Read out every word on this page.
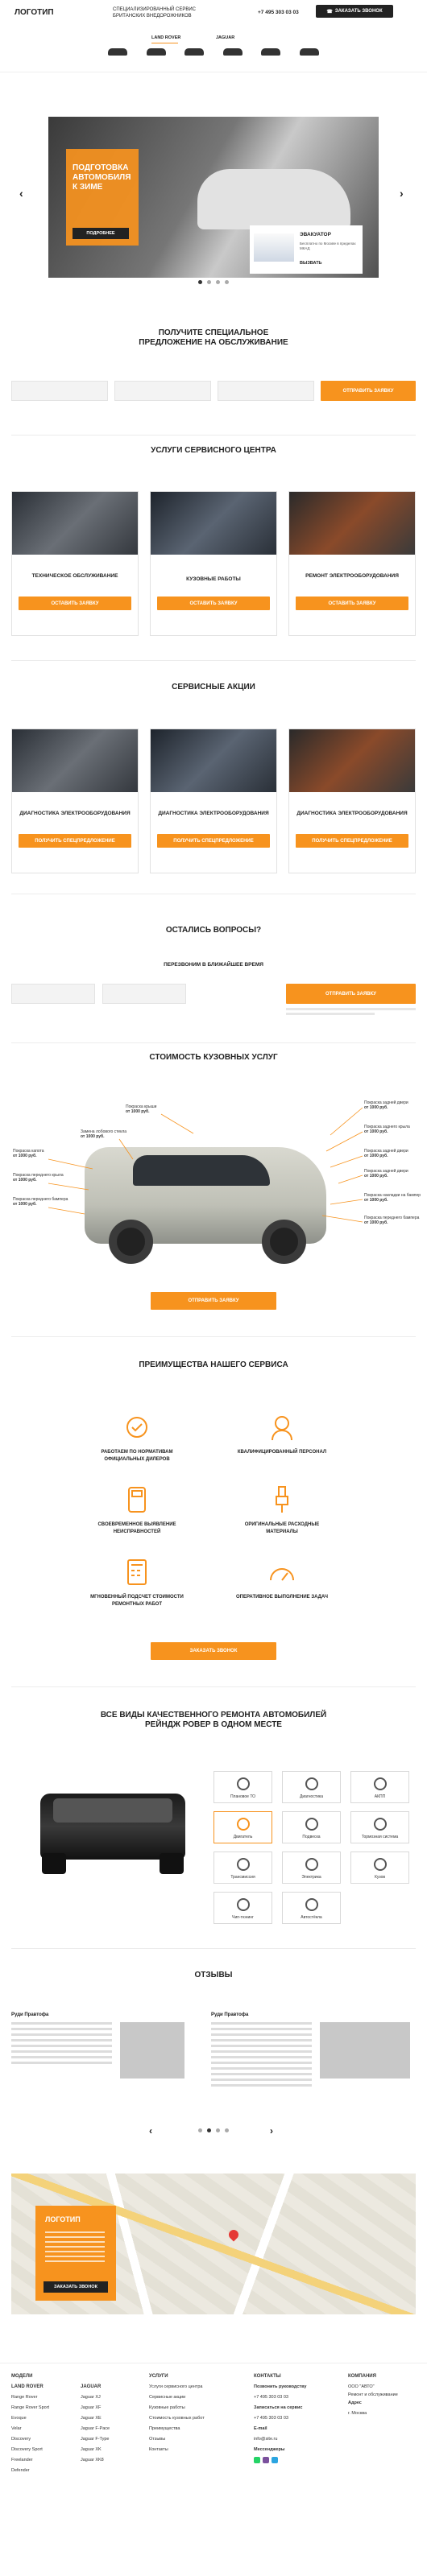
ЛОГОТИП	СПЕЦИАЛИЗИРОВАННЫЙ СЕРВИС БРИТАНСКИХ ВНЕДОРОЖНИКОВ
+7 495 303 03 03	☎ ЗАКАЗАТЬ ЗВОНОК
LAND ROVER	JAGUAR
‹	›
ПОДГОТОВКА АВТОМОБИЛЯ К ЗИМЕ
ПОДРОБНЕЕ	ЭВАКУАТОР
Бесплатно по Москве в пределах МКАД
ВЫЗВАТЬ
ПОЛУЧИТЕ СПЕЦИАЛЬНОЕ ПРЕДЛОЖЕНИЕ НА ОБСЛУЖИВАНИЕ
ОТПРАВИТЬ ЗАЯВКУ
УСЛУГИ СЕРВИСНОГО ЦЕНТРА
ТЕХНИЧЕСКОЕ ОБСЛУЖИВАНИЕ
ОСТАВИТЬ ЗАЯВКУ
КУЗОВНЫЕ РАБОТЫ
ОСТАВИТЬ ЗАЯВКУ
РЕМОНТ ЭЛЕКТРООБОРУДОВАНИЯ
ОСТАВИТЬ ЗАЯВКУ
СЕРВИСНЫЕ АКЦИИ
ДИАГНОСТИКА ЭЛЕКТРООБОРУДОВАНИЯ
ПОЛУЧИТЬ СПЕЦПРЕДЛОЖЕНИЕ
ДИАГНОСТИКА ЭЛЕКТРООБОРУДОВАНИЯ
ПОЛУЧИТЬ СПЕЦПРЕДЛОЖЕНИЕ
ДИАГНОСТИКА ЭЛЕКТРООБОРУДОВАНИЯ
ПОЛУЧИТЬ СПЕЦПРЕДЛОЖЕНИЕ
ОСТАЛИСЬ ВОПРОСЫ?
ПЕРЕЗВОНИМ В БЛИЖАЙШЕЕ ВРЕМЯ
ОТПРАВИТЬ ЗАЯВКУ
СТОИМОСТЬ КУЗОВНЫХ УСЛУГ
Замена лобового стекла
от 1000 руб.
Покраска крыши
от 1000 руб.
Покраска капота
от 1000 руб.
Покраска переднего крыла
от 1000 руб.
Покраска переднего бампера
от 1000 руб.
Покраска задней двери
от 1000 руб.
Покраска заднего крыла
от 1000 руб.
Покраска задней двери
от 1000 руб.
Покраска задней двери
от 1000 руб.
Покраска накладки на бампер
от 1000 руб.
Покраска переднего бампера
от 1000 руб.
ОТПРАВИТЬ ЗАЯВКУ
ПРЕИМУЩЕСТВА НАШЕГО СЕРВИСА
РАБОТАЕМ ПО НОРМАТИВАМ ОФИЦИАЛЬНЫХ ДИЛЕРОВ
КВАЛИФИЦИРОВАННЫЙ ПЕРСОНАЛ
СВОЕВРЕМЕННОЕ ВЫЯВЛЕНИЕ НЕИСПРАВНОСТЕЙ
ОРИГИНАЛЬНЫЕ РАСХОДНЫЕ МАТЕРИАЛЫ
МГНОВЕННЫЙ ПОДСЧЕТ СТОИМОСТИ РЕМОНТНЫХ РАБОТ
ОПЕРАТИВНОЕ ВЫПОЛНЕНИЕ ЗАДАЧ
ЗАКАЗАТЬ ЗВОНОК
ВСЕ ВИДЫ КАЧЕСТВЕННОГО РЕМОНТА АВТОМОБИЛЕЙ РЕЙНДЖ РОВЕР В ОДНОМ МЕСТЕ
Плановое ТО	Диагностика	АКПП
Двигатель	Подвеска	Тормозная система
Трансмиссия	Электрика	Кузов
Чип-тюнинг	Автостёкла
ОТЗЫВЫ
Руди Правтофа	Руди Правтофа
‹	›
ЛОГОТИП
ЗАКАЗАТЬ ЗВОНОК
МОДЕЛИ
LAND ROVER
Range Rover
Range Rover Sport
Evoque
Velar
Discovery
Discovery Sport
Freelander
Defender
JAGUAR
Jaguar XJ
Jaguar XF
Jaguar XE
Jaguar F-Pace
Jaguar F-Type
Jaguar XK
Jaguar XK8
УСЛУГИ
Услуги сервисного центра
Сервисные акции
Кузовные работы
Стоимость кузовных работ
Преимущества
Отзывы
Контакты
КОНТАКТЫ
Позвонить руководству
+7 495 303 03 03
Записаться на сервис
+7 495 303 03 03
E-mail
info@site.ru
Мессенджеры
КОМПАНИЯ
ООО "АВТО"
Ремонт и обслуживание
Адрес
г. Москва
